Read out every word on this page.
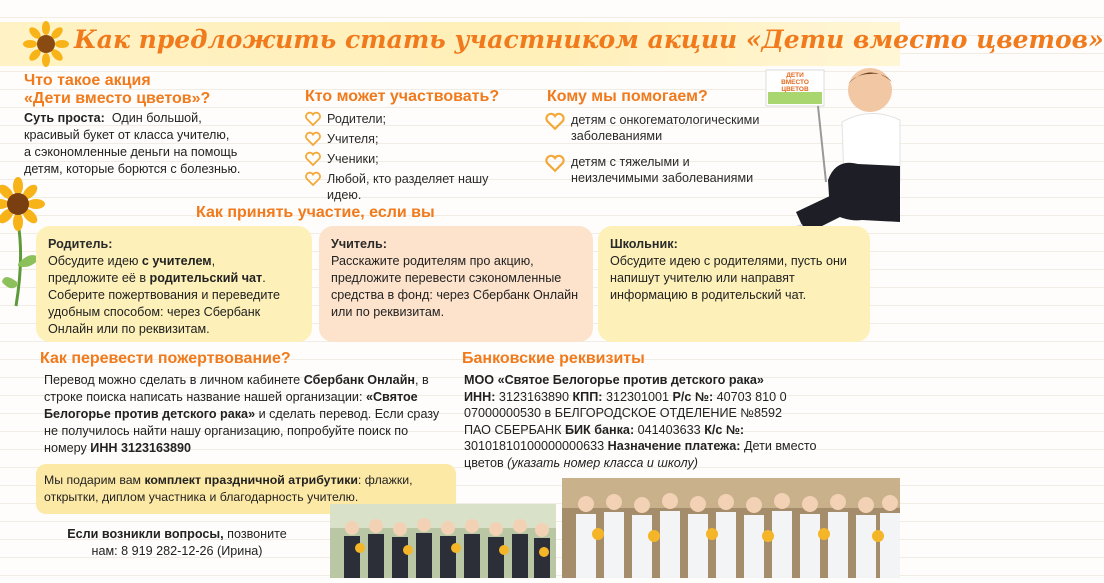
Как предложить стать участником акции «Дети вместо цветов»
Что такое акция
«Дети вместо цветов»?
Суть проста: Один большой,
красивый букет от класса учителю,
а сэкономленные деньги на помощь
детям, которые борются с болезнью.
Кто может участвовать?
Родители;
Учителя;
Ученики;
Любой, кто разделяет нашу идею.
Кому мы помогаем?
детям с онкогематологическими заболеваниями
детям с тяжелыми и неизлечимыми заболеваниями
ДЕТИ
ВМЕСТО
ЦВЕТОВ
Как принять участие, если вы
Родитель:
Обсудите идею с учителем,
предложите её в родительский чат.
Соберите пожертвования и переведите удобным способом: через Сбербанк Онлайн или по реквизитам.
Учитель:
Расскажите родителям про акцию, предложите перевести сэкономленные средства в фонд: через Сбербанк Онлайн или по реквизитам.
Школьник:
Обсудите идею с родителями, пусть они напишут учителю или направят информацию в родительский чат.
Как перевести пожертвование?
Перевод можно сделать в личном кабинете Сбербанк Онлайн, в строке поиска написать название нашей организации: «Святое Белогорье против детского рака» и сделать перевод. Если сразу не получилось найти нашу организацию, попробуйте поиск по номеру ИНН 3123163890
Мы подарим вам комплект праздничной атрибутики: флажки, открытки, диплом участника и благодарность учителю.
Если возникли вопросы, позвоните
нам: 8 919 282-12-26 (Ирина)
Банковские реквизиты
МОО «Святое Белогорье против детского рака»
ИНН: 3123163890 КПП: 312301001 Р/с №: 40703 810 0
07000000530 в БЕЛГОРОДСКОЕ ОТДЕЛЕНИЕ №8592
ПАО СБЕРБАНК БИК банка: 041403633 К/с №:
30101810100000000633 Назначение платежа: Дети вместо
цветов (указать номер класса и школу)
